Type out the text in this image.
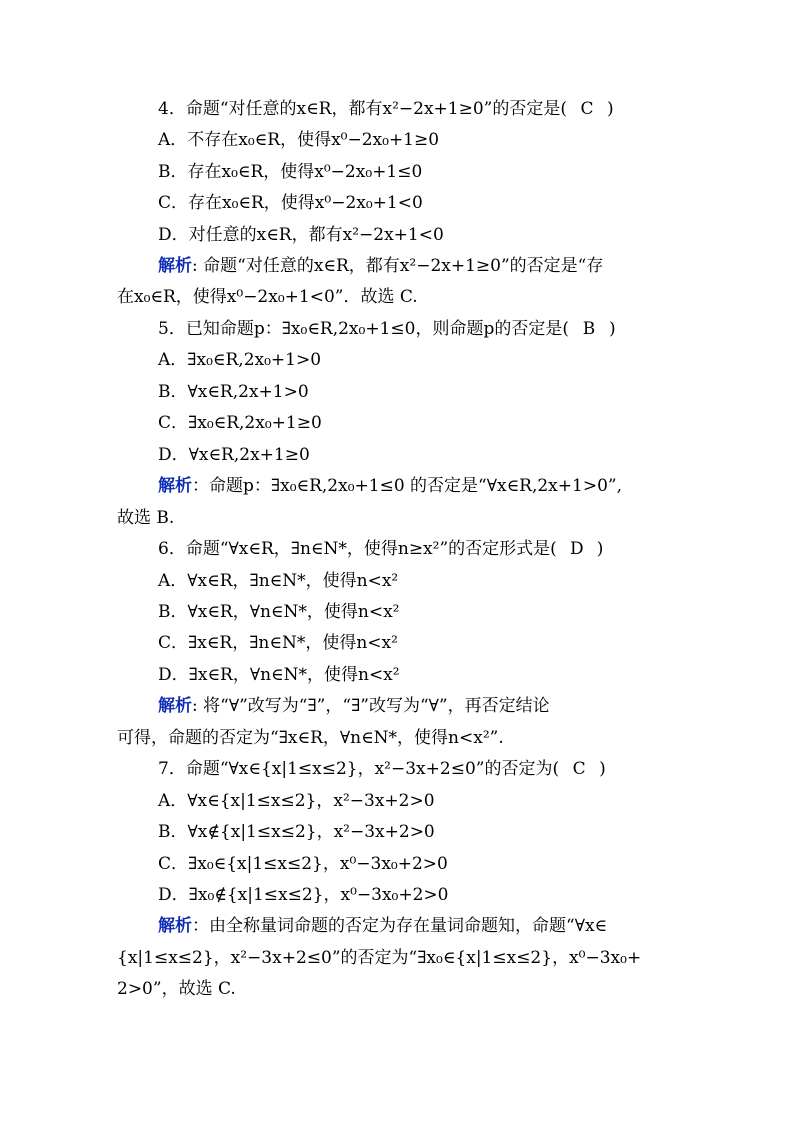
4．命题“对任意的x∈R，都有x²−2x+1≥0”的否定是( C )
A．不存在x₀∈R，使得x⁰−2x₀+1≥0
B．存在x₀∈R，使得x⁰−2x₀+1≤0
C．存在x₀∈R，使得x⁰−2x₀+1<0
D．对任意的x∈R，都有x²−2x+1<0
解析: 命题“对任意的x∈R，都有x²−2x+1≥0”的否定是“存
在x₀∈R，使得x⁰−2x₀+1<0”．故选 C.
5．已知命题p：∃x₀∈R,2x₀+1≤0，则命题p的否定是( B )
A．∃x₀∈R,2x₀+1>0
B．∀x∈R,2x+1>0
C．∃x₀∈R,2x₀+1≥0
D．∀x∈R,2x+1≥0
解析：命题p：∃x₀∈R,2x₀+1≤0 的否定是“∀x∈R,2x+1>0”,
故选 B.
6．命题“∀x∈R，∃n∈N*，使得n≥x²”的否定形式是( D )
A．∀x∈R，∃n∈N*，使得n<x²
B．∀x∈R，∀n∈N*，使得n<x²
C．∃x∈R，∃n∈N*，使得n<x²
D．∃x∈R，∀n∈N*，使得n<x²
解析: 将“∀”改写为“∃”，“∃”改写为“∀”，再否定结论
可得，命题的否定为“∃x∈R，∀n∈N*，使得n<x²”.
7．命题“∀x∈{x|1≤x≤2}，x²−3x+2≤0”的否定为( C )
A．∀x∈{x|1≤x≤2}，x²−3x+2>0
B．∀x∉{x|1≤x≤2}，x²−3x+2>0
C．∃x₀∈{x|1≤x≤2}，x⁰−3x₀+2>0
D．∃x₀∉{x|1≤x≤2}，x⁰−3x₀+2>0
解析：由全称量词命题的否定为存在量词命题知，命题“∀x∈
{x|1≤x≤2}，x²−3x+2≤0”的否定为“∃x₀∈{x|1≤x≤2}，x⁰−3x₀+
2>0”，故选 C.
